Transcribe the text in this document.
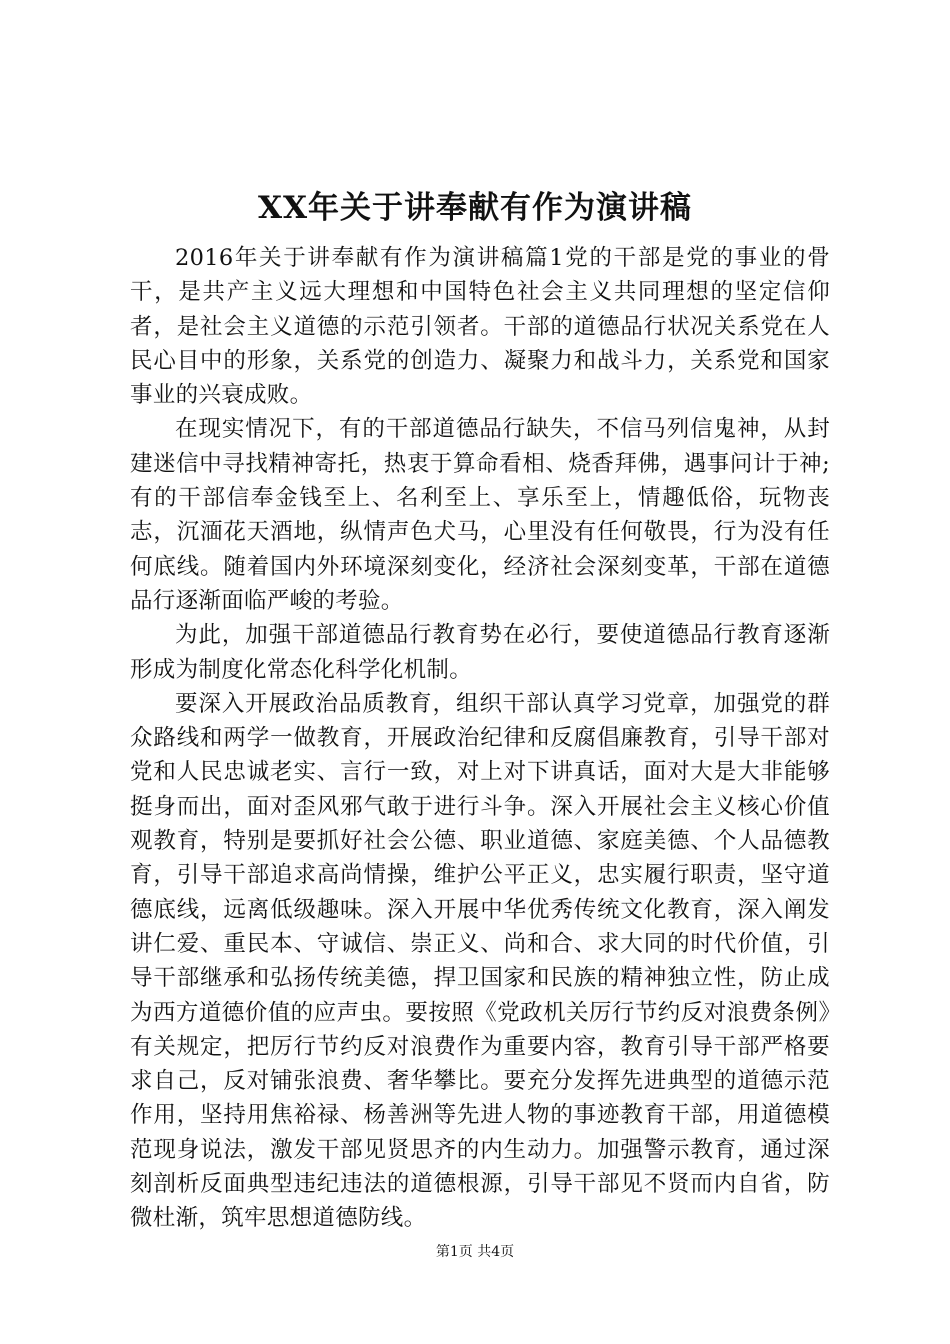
XX年关于讲奉献有作为演讲稿

2016年关于讲奉献有作为演讲稿篇1党的干部是党的事业的骨干，是共产主义远大理想和中国特色社会主义共同理想的坚定信仰者，是社会主义道德的示范引领者。干部的道德品行状况关系党在人民心目中的形象，关系党的创造力、凝聚力和战斗力，关系党和国家事业的兴衰成败。

在现实情况下，有的干部道德品行缺失，不信马列信鬼神，从封建迷信中寻找精神寄托，热衷于算命看相、烧香拜佛，遇事问计于神;有的干部信奉金钱至上、名利至上、享乐至上，情趣低俗，玩物丧志，沉湎花天酒地，纵情声色犬马，心里没有任何敬畏，行为没有任何底线。随着国内外环境深刻变化，经济社会深刻变革，干部在道德品行逐渐面临严峻的考验。

为此，加强干部道德品行教育势在必行，要使道德品行教育逐渐形成为制度化常态化科学化机制。

要深入开展政治品质教育，组织干部认真学习党章，加强党的群众路线和两学一做教育，开展政治纪律和反腐倡廉教育，引导干部对党和人民忠诚老实、言行一致，对上对下讲真话，面对大是大非能够挺身而出，面对歪风邪气敢于进行斗争。深入开展社会主义核心价值观教育，特别是要抓好社会公德、职业道德、家庭美德、个人品德教育，引导干部追求高尚情操，维护公平正义，忠实履行职责，坚守道德底线，远离低级趣味。深入开展中华优秀传统文化教育，深入阐发讲仁爱、重民本、守诚信、崇正义、尚和合、求大同的时代价值，引导干部继承和弘扬传统美德，捍卫国家和民族的精神独立性，防止成为西方道德价值的应声虫。要按照《党政机关厉行节约反对浪费条例》有关规定，把厉行节约反对浪费作为重要内容，教育引导干部严格要求自己，反对铺张浪费、奢华攀比。要充分发挥先进典型的道德示范作用，坚持用焦裕禄、杨善洲等先进人物的事迹教育干部，用道德模范现身说法，激发干部见贤思齐的内生动力。加强警示教育，通过深刻剖析反面典型违纪违法的道德根源，引导干部见不贤而内自省，防微杜渐，筑牢思想道德防线。

第1页 共4页
